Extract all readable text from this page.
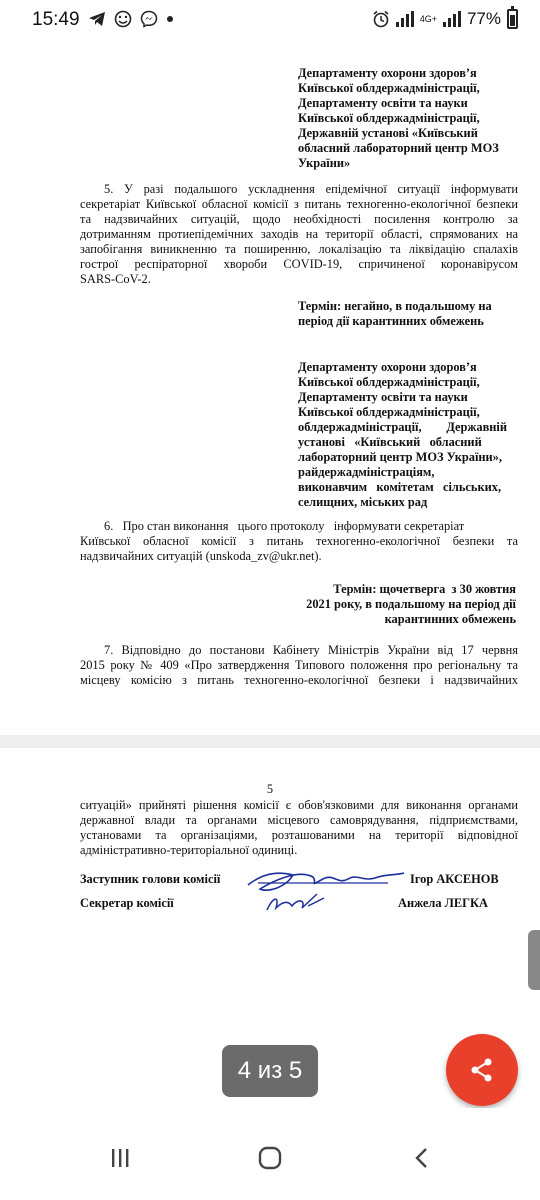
15:49	4G+ 77%
Департаменту охорони здоров’я
Київської облдержадміністрації,
Департаменту освіти та науки
Київської облдержадміністрації,
Державній установі «Київський
обласний лабораторний центр МОЗ
України»
5. У разі подальшого ускладнення епідемічної ситуації інформувати
секретаріат Київської обласної комісії з питань техногенно-екологічної безпеки
та надзвичайних ситуацій, щодо необхідності посилення контролю за
дотриманням протиепідемічних заходів на території області, спрямованих на
запобігання виникненню та поширенню, локалізацію та ліквідацію спалахів
гострої респіраторної хвороби COVID-19, спричиненої коронавірусом
SARS-CoV-2.
Термін: негайно, в подальшому на
період дії карантинних обмежень
Департаменту охорони здоров’я
Київської облдержадміністрації,
Департаменту освіти та науки
Київської облдержадміністрації,
облдержадміністрації,        Державній
установі   «Київський   обласний
лабораторний центр МОЗ України»,
райдержадміністраціям,
виконавчим   комітетам   сільських,
селищних, міських рад
6.   Про стан виконання   цього протоколу   інформувати секретаріат
Київської обласної комісії з питань техногенно-екологічної безпеки та
надзвичайних ситуацій (unskoda_zv@ukr.net).
Термін: щочетверга  з 30 жовтня
2021 року, в подальшому на період дії
карантинних обмежень
7. Відповідно до постанови Кабінету Міністрів України від 17 червня
2015 року № 409 «Про затвердження Типового положення про регіональну та
місцеву комісію з питань техногенно-екологічної безпеки і надзвичайних
5
ситуацій» прийняті рішення комісії є обов'язковими для виконання органами
державної влади та органами місцевого самоврядування, підприємствами,
установами та організаціями, розташованими на території відповідної
адміністративно-територіальної одиниці.
Заступник голови комісії	Ігор АКСЕНОВ
Секретар комісії	Анжела ЛЕГКА
4 из 5
